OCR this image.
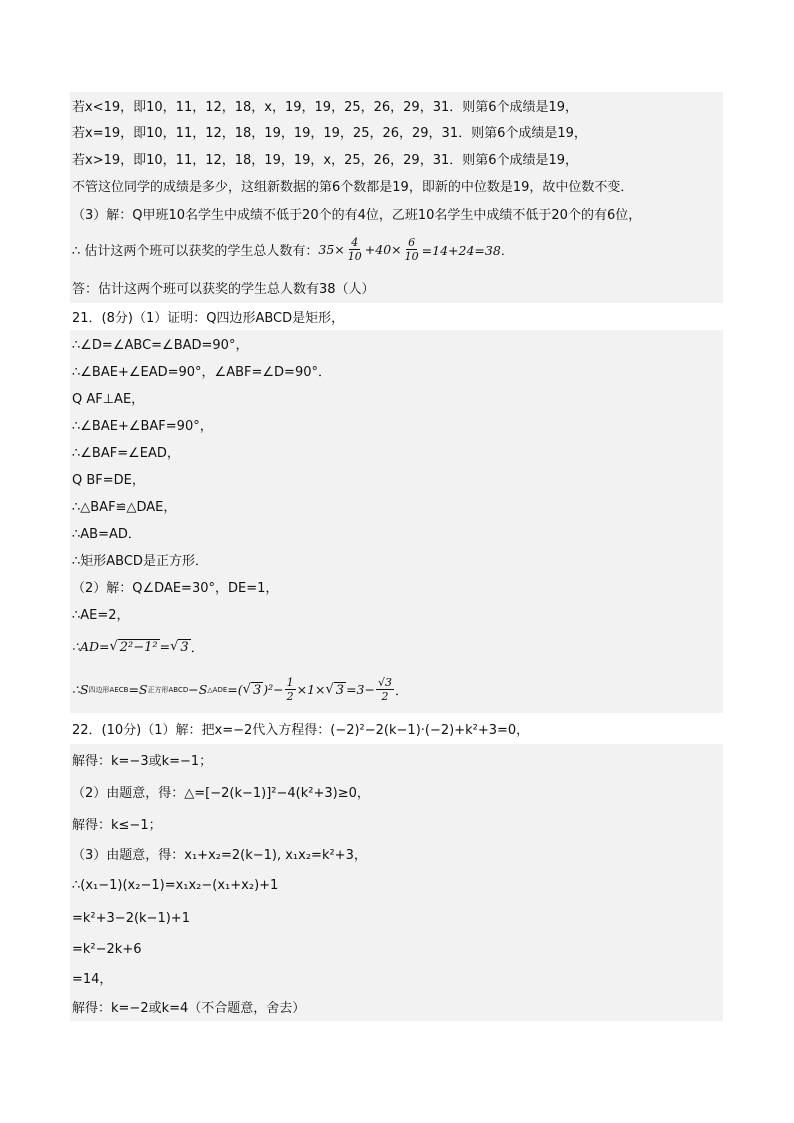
若x<19，即10，11，12，18，x，19，19，25，26，29，31．则第6个成绩是19，
若x=19，即10，11，12，18，19，19，19，25，26，29，31．则第6个成绩是19，
若x>19，即10，11，12，18，19，19，x，25，26，29，31．则第6个成绩是19，
不管这位同学的成绩是多少，这组新数据的第6个数都是19，即新的中位数是19，故中位数不变．
（3）解：Q甲班10名学生中成绩不低于20个的有4位，乙班10名学生中成绩不低于20个的有6位，
∴ 估计这两个班可以获奖的学生总人数有： $35\times \frac{4}{10} +40\times \frac{6}{10} =14+24=38$．
答：估计这两个班可以获奖的学生总人数有38（人）
21．(8分)（1）证明：Q四边形ABCD是矩形，
∴∠D=∠ABC=∠BAD=90°，
∴∠BAE+∠EAD=90°，∠ABF=∠D=90°．
Q AF⊥AE，
∴∠BAE+∠BAF=90°，
∴∠BAF=∠EAD，
Q BF=DE，
∴△BAF≌△DAE，
∴AB=AD．
∴矩形ABCD是正方形．
（2）解：Q∠DAE=30°，DE=1，
∴AE=2，
∴AD= √ 2²−1² = √ 3 ．
∴S 四边形AECB =S 正方形ABCD −S △ADE =( √ 3 )$^2- \frac{1}{2} \times 1\times$ √ $3 =3- \frac{√3}{2}$ ．
22．(10分)（1）解：把x=−2代入方程得：(−2)²−2(k−1)·(−2)+k²+3=0，
解得：k=−3或k=−1；
（2）由题意，得：△=[−2(k−1)]²−4(k²+3)≥0，
解得：k≤−1；
（3）由题意，得：x₁+x₂=2(k−1), x₁x₂=k²+3，
∴(x₁−1)(x₂−1)=x₁x₂−(x₁+x₂)+1
=k²+3−2(k−1)+1
=k²−2k+6
=14，
解得：k=−2或k=4（不合题意，舍去）
